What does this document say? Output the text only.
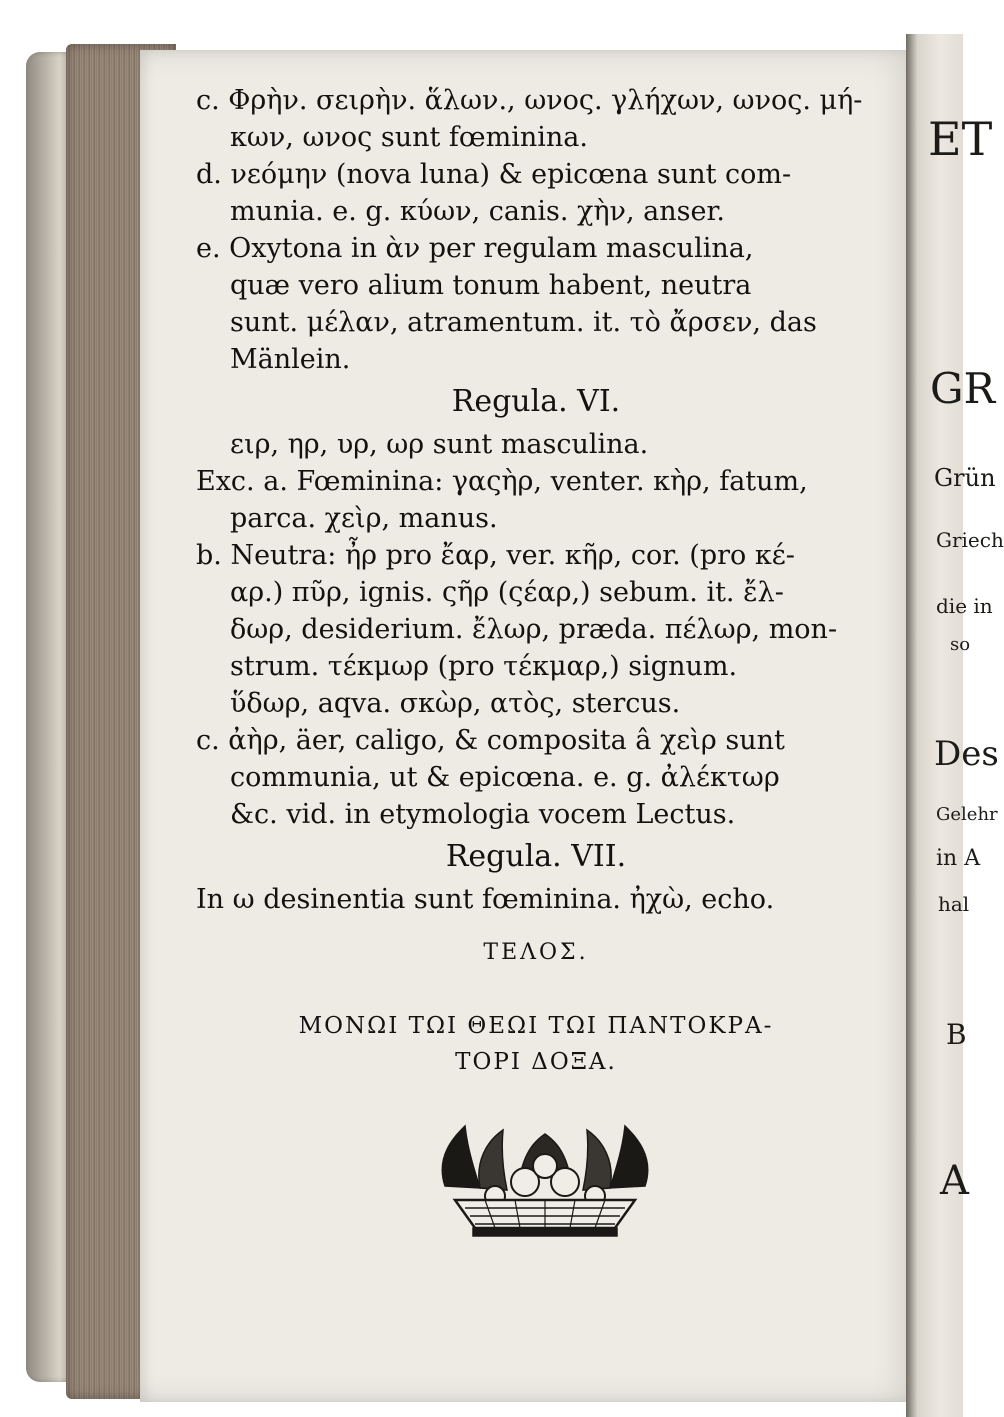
ET
GR
Grün
Griech
die in
so
Des
Gelehr
in A
hal
B
A
c. Φρὴν. σειρὴν. ἅλων., ωνος. γλήχων, ωνος. μή-
κων, ωνος sunt fœminina.
d. νεόμην (nova luna) & epicœna sunt com-
munia. e. g. κύων, canis. χὴν, anser.
e. Oxytona in ὰν per regulam masculina,
quæ vero alium tonum habent, neutra
sunt. μέλαν, atramentum. it. τὸ ἄρσεν, das
Mänlein.
Regula. VI.
ειρ, ηρ, υρ, ωρ sunt masculina.
Exc. a. Fœminina: γαςὴρ, venter. κὴρ, fatum,
parca. χεὶρ, manus.
b. Neutra: ἦρ pro ἔαρ, ver. κῆρ, cor. (pro κέ-
αρ.) πῦρ, ignis. ςῆρ (ςέαρ,) sebum. it. ἔλ-
δωρ, desiderium. ἔλωρ, præda. πέλωρ, mon-
strum. τέκμωρ (pro τέκμαρ,) signum.
ὕδωρ, aqva. σκὼρ, ατὸς, stercus.
c. ἀὴρ, äer, caligo, & composita â χεὶρ sunt
communia, ut & epicœna. e. g. ἀλέκτωρ
&c. vid. in etymologia vocem Lectus.
Regula. VII.
In ω desinentia sunt fœminina. ἠχὼ, echo.
ΤΕΛΟΣ.
ΜΟΝΩΙ ΤΩΙ ΘΕΩΙ ΤΩΙ ΠΑΝΤΟΚΡΑ-
ΤΟΡΙ ΔΟΞΑ.
